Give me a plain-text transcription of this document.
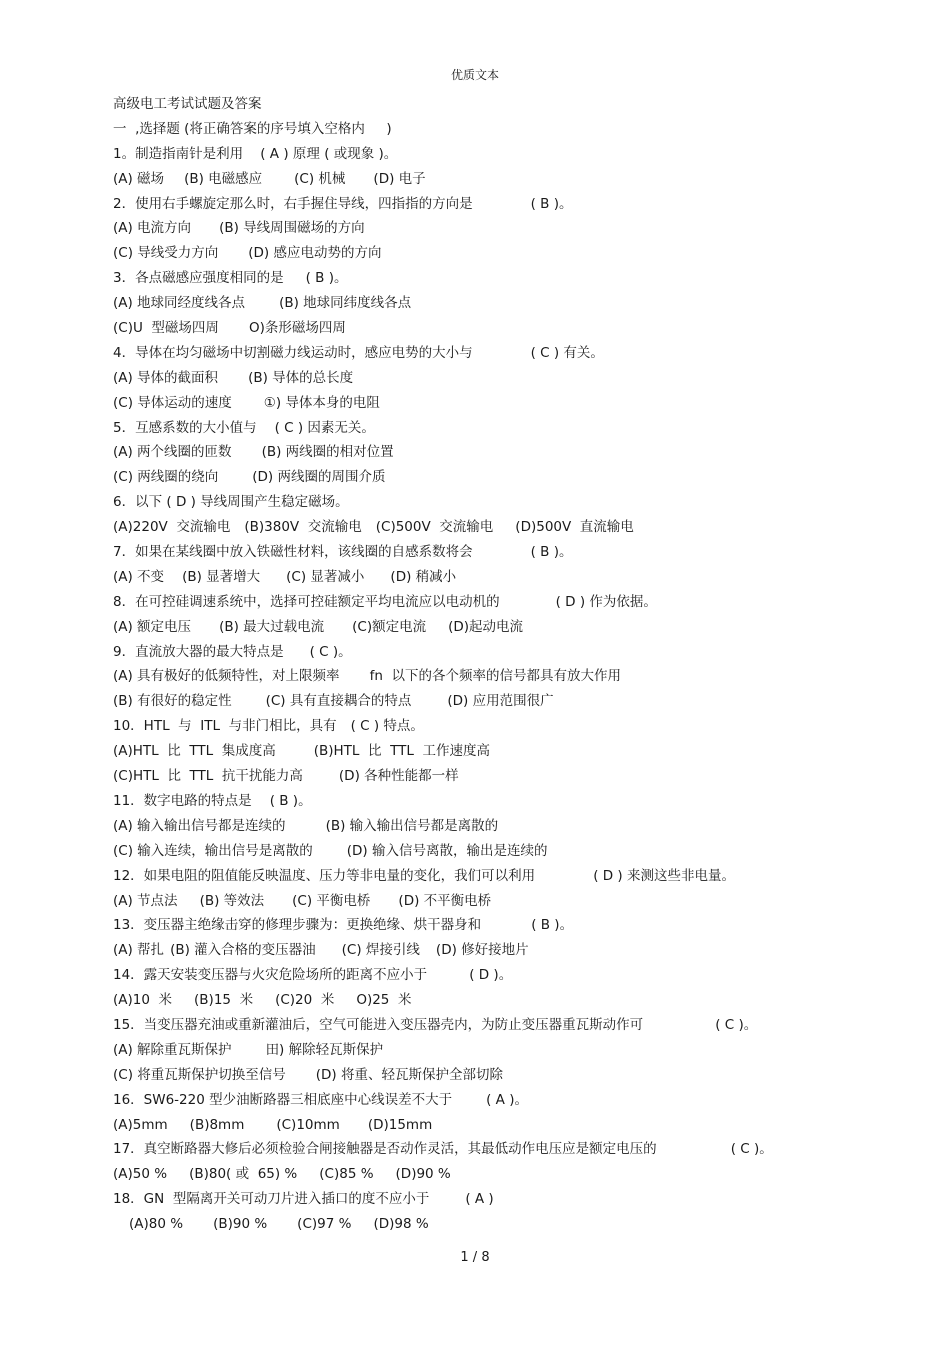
优质文本
高级电工考试试题及答案
一  ,选择题 (将正确答案的序号填入空格内     )
1。制造指南针是利用    ( A ) 原理 ( 或现象 )。
(A) 磁场 (B) 电磁感应 (C) 机械 (D) 电子
2．使用右手螺旋定那么时，右手握住导线，四指指的方向是	( B )。
(A) 电流方向 (B) 导线周围磁场的方向
(C) 导线受力方向 (D) 感应电动势的方向
3．各点磁感应强度相同的是 ( B )。
(A) 地球同经度线各点	(B) 地球同纬度线各点
(C)U  型磁场四周 O)条形磁场四周
4．导体在均匀磁场中切割磁力线运动时，感应电势的大小与	( C ) 有关。
(A) 导体的截面积 (B) 导体的总长度
(C) 导体运动的速度 ①) 导体本身的电阻
5．互感系数的大小值与 ( C ) 因素无关。
(A) 两个线圈的匝数 (B) 两线圈的相对位置
(C) 两线圈的绕向	(D) 两线圈的周围介质
6．以下 ( D ) 导线周围产生稳定磁场。
(A)220V  交流输电 (B)380V  交流输电 (C)500V  交流输电 (D)500V  直流输电
7．如果在某线圈中放入铁磁性材料，该线圈的自感系数将会	( B )。
(A) 不变 (B) 显著增大 (C) 显著减小 (D) 稍减小
8．在可控硅调速系统中，选择可控硅额定平均电流应以电动机的	( D ) 作为依据。
(A) 额定电压 (B) 最大过载电流 (C)额定电流 (D)起动电流
9．直流放大器的最大特点是 ( C )。
(A) 具有极好的低频特性，对上限频率 fn  以下的各个频率的信号都具有放大作用
(B) 有很好的稳定性	(C) 具有直接耦合的特点	(D) 应用范围很广
10．HTL  与  ITL  与非门相比，具有 ( C ) 特点。
(A)HTL  比  TTL  集成度高	(B)HTL  比  TTL  工作速度高
(C)HTL  比  TTL  抗干扰能力高	(D) 各种性能都一样
11．数字电路的特点是 ( B )。
(A) 输入输出信号都是连续的	(B) 输入输出信号都是离散的
(C) 输入连续，输出信号是离散的	(D) 输入信号离散，输出是连续的
12．如果电阻的阻值能反映温度、压力等非电量的变化，我们可以利用	( D ) 来测这些非电量。
(A) 节点法 (B) 等效法 (C) 平衡电桥 (D) 不平衡电桥
13．变压器主绝缘击穿的修理步骤为：更换绝缘、烘干器身和	( B )。
(A) 帮扎 (B) 灌入合格的变压器油 (C) 焊接引线 (D) 修好接地片
14．露天安装变压器与火灾危险场所的距离不应小于	( D )。
(A)10  米 (B)15  米 (C)20  米 O)25  米
15．当变压器充油或重新灌油后，空气可能进入变压器壳内，为防止变压器重瓦斯动作可	( C )。
(A) 解除重瓦斯保护	田) 解除轻瓦斯保护
(C) 将重瓦斯保护切换至信号 (D) 将重、轻瓦斯保护全部切除
16．SW6-220 型少油断路器三相底座中心线误差不大于	( A )。
(A)5mm (B)8mm (C)10mm (D)15mm
17．真空断路器大修后必须检验合闸接触器是否动作灵活，其最低动作电压应是额定电压的	( C )。
(A)50 % (B)80( 或  65) % (C)85 % (D)90 %
18．GN  型隔离开关可动刀片进入插口的度不应小于	( A )
(A)80 % (B)90 % (C)97 % (D)98 %
1 / 8
